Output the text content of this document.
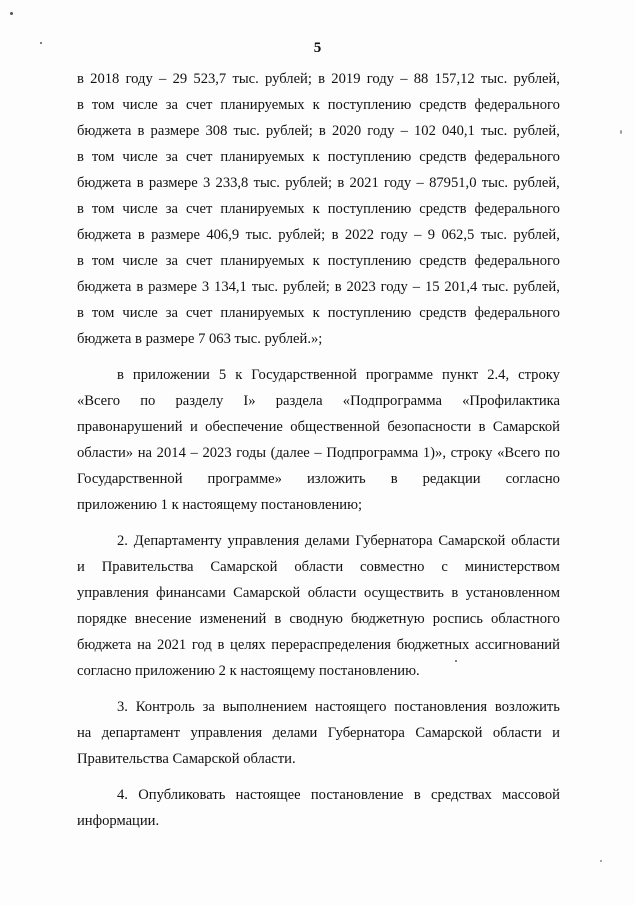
5
в 2018 году – 29 523,7 тыс. рублей; в 2019 году – 88 157,12 тыс. рублей,
в том числе за счет планируемых к поступлению средств федерального
бюджета в размере 308 тыс. рублей; в 2020 году – 102 040,1 тыс. рублей,
в том числе за счет планируемых к поступлению средств федерального
бюджета в размере 3 233,8 тыс. рублей; в 2021 году – 87951,0 тыс. рублей,
в том числе за счет планируемых к поступлению средств федерального
бюджета в размере 406,9 тыс. рублей; в 2022 году – 9 062,5 тыс. рублей,
в том числе за счет планируемых к поступлению средств федерального
бюджета в размере 3 134,1 тыс. рублей; в 2023 году – 15 201,4 тыс. рублей,
в том числе за счет планируемых к поступлению средств федерального
бюджета в размере 7 063 тыс. рублей.»;
в приложении 5 к Государственной программе пункт 2.4, строку
«Всего по разделу I» раздела «Подпрограмма «Профилактика
правонарушений и обеспечение общественной безопасности в Самарской
области» на 2014 – 2023 годы (далее – Подпрограмма 1)», строку «Всего по
Государственной программе» изложить в редакции согласно
приложению 1 к настоящему постановлению;
2. Департаменту управления делами Губернатора Самарской области
и Правительства Самарской области совместно с министерством
управления финансами Самарской области осуществить в установленном
порядке внесение изменений в сводную бюджетную роспись областного
бюджета на 2021 год в целях перераспределения бюджетных ассигнований
согласно приложению 2 к настоящему постановлению.
3. Контроль за выполнением настоящего постановления возложить
на департамент управления делами Губернатора Самарской области и
Правительства Самарской области.
4. Опубликовать настоящее постановление в средствах массовой
информации.
